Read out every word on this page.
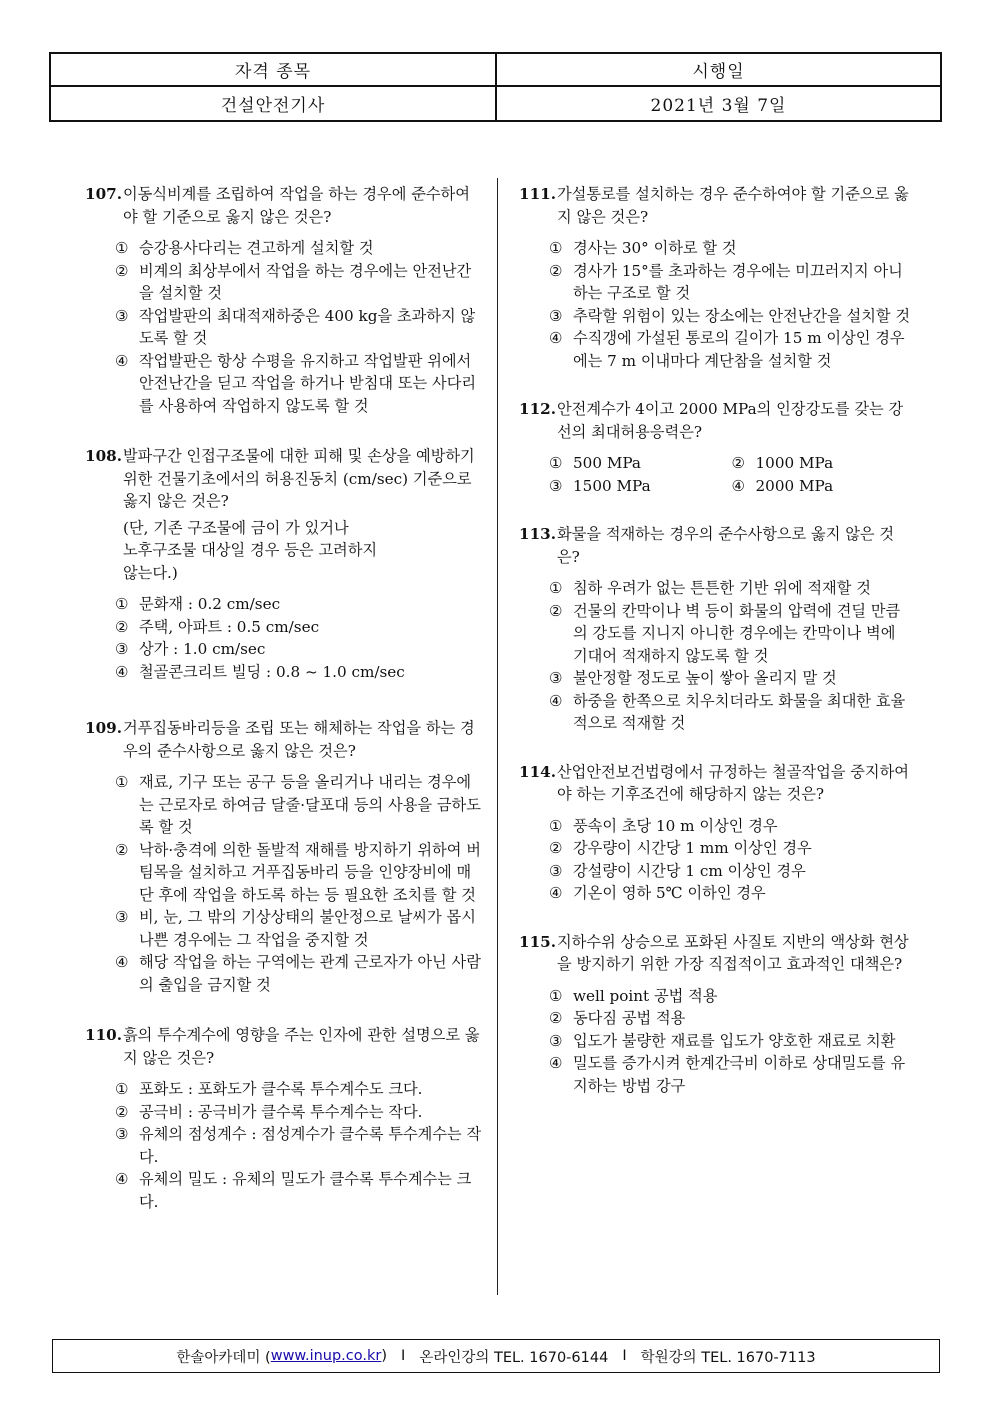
자격 종목	시행일
건설안전기사	2021년 3월 7일
107. 이동식비계를 조립하여 작업을 하는 경우에 준수하여야 할 기준으로 옳지 않은 것은?
① 승강용사다리는 견고하게 설치할 것
② 비계의 최상부에서 작업을 하는 경우에는 안전난간을 설치할 것
③ 작업발판의 최대적재하중은 400 kg을 초과하지 않도록 할 것
④ 작업발판은 항상 수평을 유지하고 작업발판 위에서 안전난간을 딛고 작업을 하거나 받침대 또는 사다리를 사용하여 작업하지 않도록 할 것
108. 발파구간 인접구조물에 대한 피해 및 손상을 예방하기 위한 건물기초에서의 허용진동치 (cm/sec) 기준으로 옳지 않은 것은?
(단, 기존 구조물에 금이 가 있거나
노후구조물 대상일 경우 등은 고려하지
않는다.)
① 문화재 : 0.2 cm/sec
② 주택, 아파트 : 0.5 cm/sec
③ 상가 : 1.0 cm/sec
④ 철골콘크리트 빌딩 : 0.8 ~ 1.0 cm/sec
109. 거푸집동바리등을 조립 또는 해체하는 작업을 하는 경우의 준수사항으로 옳지 않은 것은?
① 재료, 기구 또는 공구 등을 올리거나 내리는 경우에는 근로자로 하여금 달줄·달포대 등의 사용을 금하도록 할 것
② 낙하·충격에 의한 돌발적 재해를 방지하기 위하여 버팀목을 설치하고 거푸집동바리 등을 인양장비에 매단 후에 작업을 하도록 하는 등 필요한 조치를 할 것
③ 비, 눈, 그 밖의 기상상태의 불안정으로 날씨가 몹시 나쁜 경우에는 그 작업을 중지할 것
④ 해당 작업을 하는 구역에는 관계 근로자가 아닌 사람의 출입을 금지할 것
110. 흙의 투수계수에 영향을 주는 인자에 관한 설명으로 옳지 않은 것은?
① 포화도 : 포화도가 클수록 투수계수도 크다.
② 공극비 : 공극비가 클수록 투수계수는 작다.
③ 유체의 점성계수 : 점성계수가 클수록 투수계수는 작다.
④ 유체의 밀도 : 유체의 밀도가 클수록 투수계수는 크다.
111. 가설통로를 설치하는 경우 준수하여야 할 기준으로 옳지 않은 것은?
① 경사는 30° 이하로 할 것
② 경사가 15°를 초과하는 경우에는 미끄러지지 아니하는 구조로 할 것
③ 추락할 위험이 있는 장소에는 안전난간을 설치할 것
④ 수직갱에 가설된 통로의 길이가 15 m 이상인 경우에는 7 m 이내마다 계단참을 설치할 것
112. 안전계수가 4이고 2000 MPa의 인장강도를 갖는 강선의 최대허용응력은?
① 500 MPa	② 1000 MPa
③ 1500 MPa	④ 2000 MPa
113. 화물을 적재하는 경우의 준수사항으로 옳지 않은 것은?
① 침하 우려가 없는 튼튼한 기반 위에 적재할 것
② 건물의 칸막이나 벽 등이 화물의 압력에 견딜 만큼의 강도를 지니지 아니한 경우에는 칸막이나 벽에 기대어 적재하지 않도록 할 것
③ 불안정할 정도로 높이 쌓아 올리지 말 것
④ 하중을 한쪽으로 치우치더라도 화물을 최대한 효율적으로 적재할 것
114. 산업안전보건법령에서 규정하는 철골작업을 중지하여야 하는 기후조건에 해당하지 않는 것은?
① 풍속이 초당 10 m 이상인 경우
② 강우량이 시간당 1 mm 이상인 경우
③ 강설량이 시간당 1 cm 이상인 경우
④ 기온이 영하 5℃ 이하인 경우
115. 지하수위 상승으로 포화된 사질토 지반의 액상화 현상을 방지하기 위한 가장 직접적이고 효과적인 대책은?
① well point 공법 적용
② 동다짐 공법 적용
③ 입도가 불량한 재료를 입도가 양호한 재료로 치환
④ 밀도를 증가시켜 한계간극비 이하로 상대밀도를 유지하는 방법 강구
한솔아카데미 ( www.inup.co.kr ) I 온라인강의 TEL. 1670-6144 I 학원강의 TEL. 1670-7113
